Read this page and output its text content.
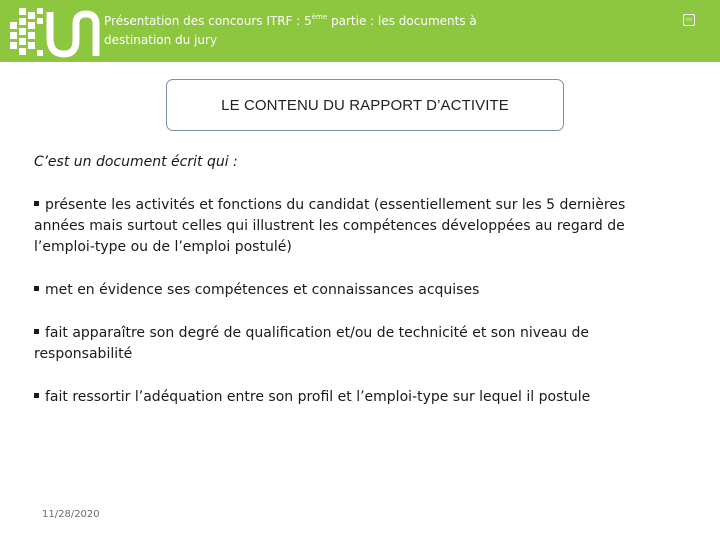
Présentation des concours ITRF : 5ème partie : les documents à
destination du jury
▫▫
LE CONTENU DU RAPPORT D’ACTIVITE

C’est un document écrit qui :

présente les activités et fonctions du candidat (essentiellement sur les 5 dernières années mais surtout celles qui illustrent les compétences développées au regard de l’emploi-type ou de l’emploi postulé)

met en évidence ses compétences et connaissances acquises

fait apparaître son degré de qualification et/ou de technicité et son niveau de responsabilité

fait ressortir l’adéquation entre son profil et l’emploi-type sur lequel il postule

11/28/2020
